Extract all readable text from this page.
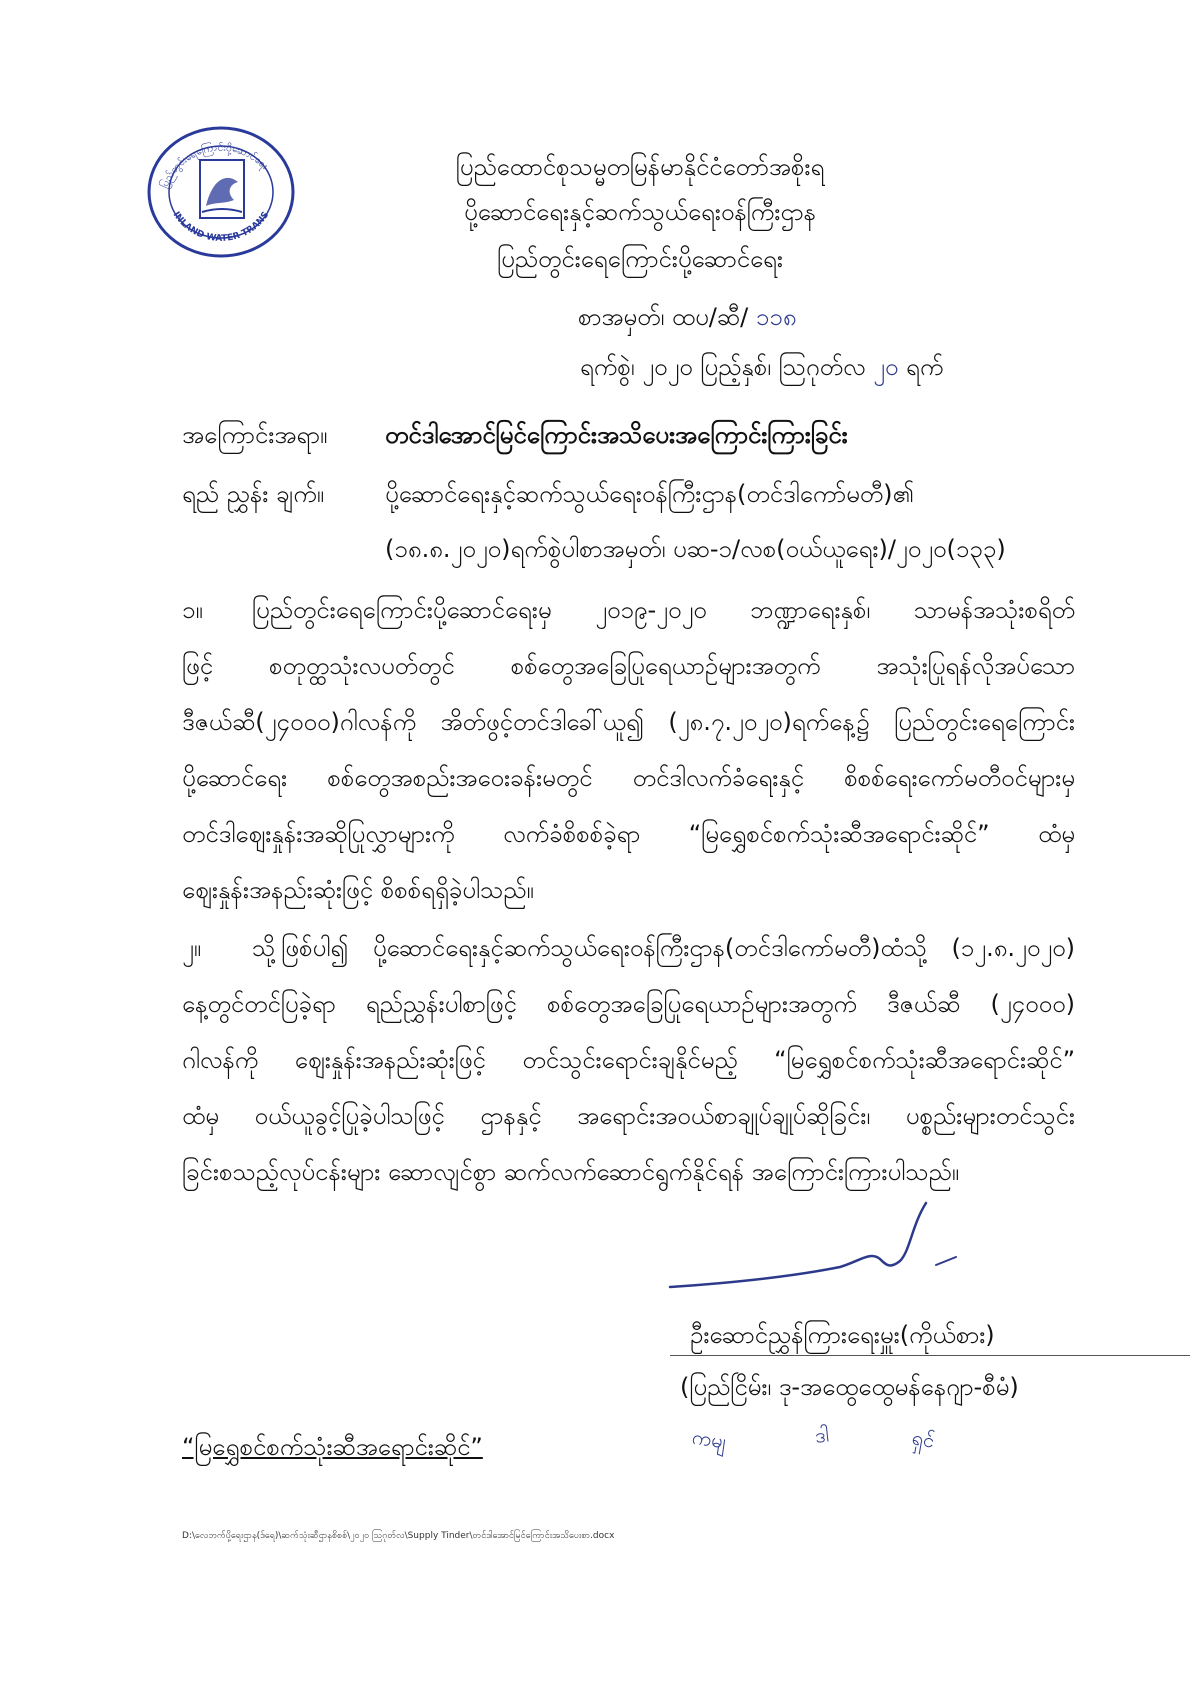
ပြည်တွင်းရေကြောင်းပို့ဆောင်ရေး
INLAND WATER TRANS
ပြည်ထောင်စုသမ္မတမြန်မာနိုင်ငံတော်အစိုးရ
ပို့ဆောင်ရေးနှင့်ဆက်သွယ်ရေးဝန်ကြီးဌာန
ပြည်တွင်းရေကြောင်းပို့ဆောင်ရေး
စာအမှတ်၊ ထပ/ဆီ/ ၁၁၈
ရက်စွဲ၊ ၂၀၂၀ ပြည့်နှစ်၊ ဩဂုတ်လ ၂၀ ရက်
အကြောင်းအရာ။ တင်ဒါအောင်မြင်ကြောင်းအသိပေးအကြောင်းကြားခြင်း
ရည် ညွှန်း ချက်။	ပို့ဆောင်ရေးနှင့်ဆက်သွယ်ရေးဝန်ကြီးဌာန(တင်ဒါကော်မတီ)၏
(၁၈.၈.၂၀၂၀)ရက်စွဲပါစာအမှတ်၊ ပဆ-၁/လစ(ဝယ်ယူရေး)/၂၀၂၀(၁၃၃)
၁။ ပြည်တွင်းရေကြောင်းပို့ဆောင်ရေးမှ ၂၀၁၉-၂၀၂၀ ဘဏ္ဍာရေးနှစ်၊ သာမန်အသုံးစရိတ်
ဖြင့် စတုတ္ထသုံးလပတ်တွင် စစ်တွေအခြေပြုရေယာဉ်များအတွက် အသုံးပြုရန်လိုအပ်သော
ဒီဇယ်ဆီ(၂၄၀၀၀)ဂါလန်ကို အိတ်ဖွင့်တင်ဒါခေါ်ယူ၍ (၂၈.၇.၂၀၂၀)ရက်နေ့၌ ပြည်တွင်းရေကြောင်း
ပို့ဆောင်ရေး စစ်တွေအစည်းအဝေးခန်းမတွင် တင်ဒါလက်ခံရေးနှင့် စိစစ်ရေးကော်မတီဝင်များမှ
တင်ဒါဈေးနှုန်းအဆိုပြုလွှာများကို လက်ခံစိစစ်ခဲ့ရာ “မြရွှေစင်စက်သုံးဆီအရောင်းဆိုင်” ထံမှ
ဈေးနှုန်းအနည်းဆုံးဖြင့် စိစစ်ရရှိခဲ့ပါသည်။
၂။ သို့ဖြစ်ပါ၍ ပို့ဆောင်ရေးနှင့်ဆက်သွယ်ရေးဝန်ကြီးဌာန(တင်ဒါကော်မတီ)ထံသို့ (၁၂.၈.၂၀၂၀)
နေ့တွင်တင်ပြခဲ့ရာ ရည်ညွှန်းပါစာဖြင့် စစ်တွေအခြေပြုရေယာဉ်များအတွက် ဒီဇယ်ဆီ (၂၄၀၀၀)
ဂါလန်ကို ဈေးနှုန်းအနည်းဆုံးဖြင့် တင်သွင်းရောင်းချနိုင်မည့် “မြရွှေစင်စက်သုံးဆီအရောင်းဆိုင်”
ထံမှ ဝယ်ယူခွင့်ပြုခဲ့ပါသဖြင့် ဌာနနှင့် အရောင်းအဝယ်စာချုပ်ချုပ်ဆိုခြင်း၊ ပစ္စည်းများတင်သွင်း
ခြင်းစသည့်လုပ်ငန်းများ ဆောလျင်စွာ ဆက်လက်ဆောင်ရွက်နိုင်ရန် အကြောင်းကြားပါသည်။
ဦးဆောင်ညွှန်ကြားရေးမှူး(ကိုယ်စား)
(ပြည်ငြိမ်း၊ ဒု-အထွေထွေမန်နေဂျာ-စီမံ)
ကမျ	ဒါ	ရှင်
“မြရွှေစင်စက်သုံးဆီအရောင်းဆိုင်”
D:\လေဘက်ပို့ရေးဌာန(ဒ်ရေ)\ဆက်သုံးဆီဌာနစိစစ်\၂၀၂၀ ဩဂုတ်လ\Supply Tinder\တင်ဒါအောင်မြင်ကြောင်းအသိပေးစာ.docx
